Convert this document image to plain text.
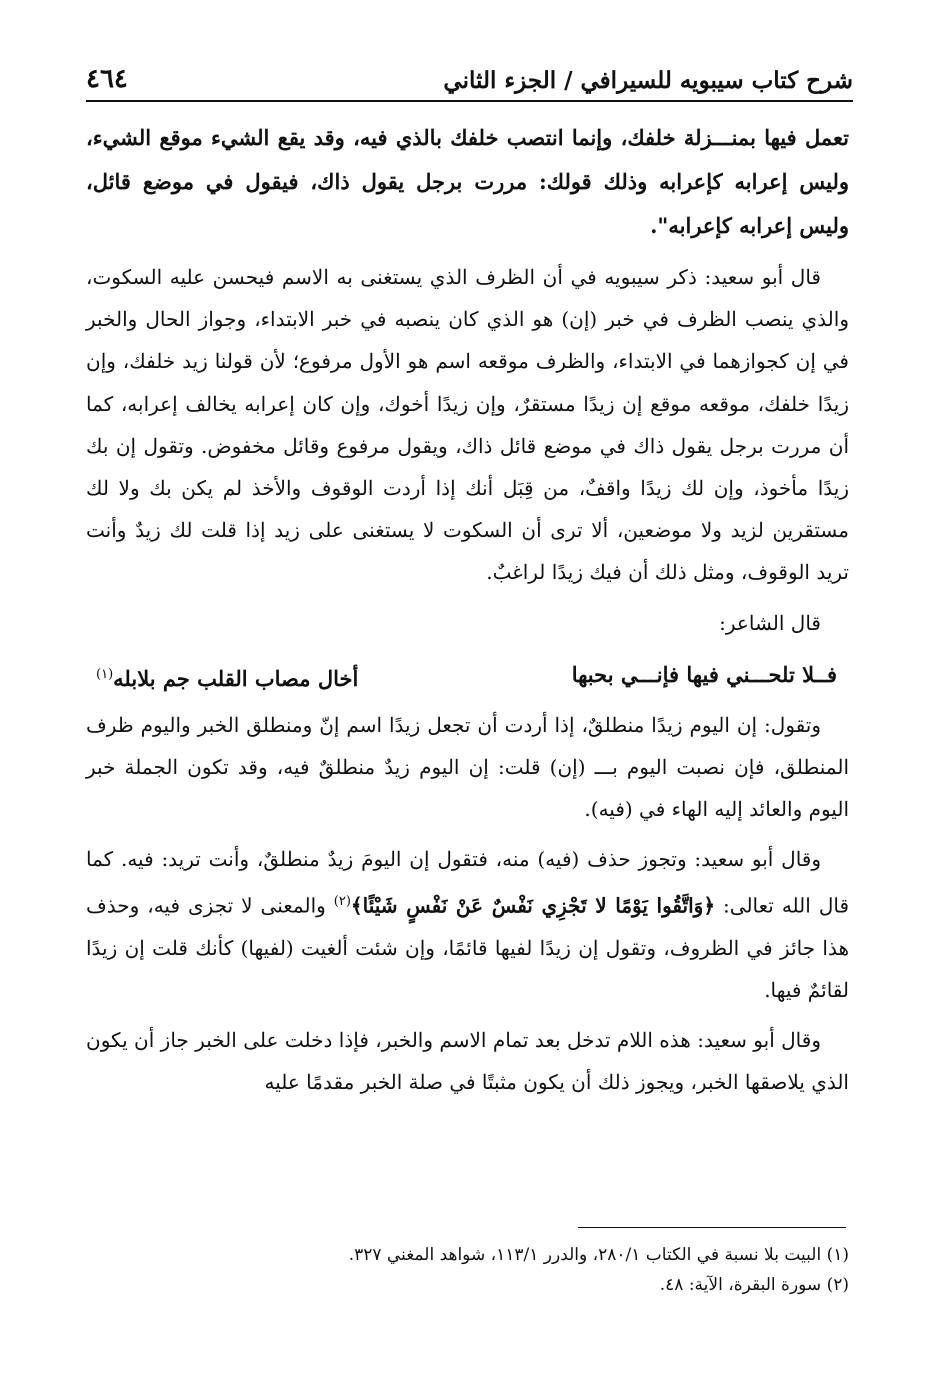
٤٦٤	شرح كتاب سيبويه للسيرافي / الجزء الثاني

تعمل فيها بمنـــزلة خلفك، وإنما انتصب خلفك بالذي فيه، وقد يقع الشيء موقع الشيء، وليس إعرابه كإعرابه وذلك قولك: مررت برجل يقول ذاك، فيقول في موضع قائل، وليس إعرابه كإعرابه".

قال أبو سعيد: ذكر سيبويه في أن الظرف الذي يستغنى به الاسم فيحسن عليه السكوت، والذي ينصب الظرف في خبر (إن) هو الذي كان ينصبه في خبر الابتداء، وجواز الحال والخبر في إن كجوازهما في الابتداء، والظرف موقعه اسم هو الأول مرفوع؛ لأن قولنا زيد خلفك، وإن زيدًا خلفك، موقعه موقع إن زيدًا مستقرٌ، وإن زيدًا أخوك، وإن كان إعرابه يخالف إعرابه، كما أن مررت برجل يقول ذاك في موضع قائل ذاك، ويقول مرفوع وقائل مخفوض. وتقول إن بك زيدًا مأخوذ، وإن لك زيدًا واقفٌ، من قِبَل أنك إذا أردت الوقوف والأخذ لم يكن بك ولا لك مستقرين لزيد ولا موضعين، ألا ترى أن السكوت لا يستغنى على زيد إذا قلت لك زيدٌ وأنت تريد الوقوف، ومثل ذلك أن فيك زيدًا لراغبٌ.

قال الشاعر:

فــلا تلحـــني فيها فإنـــي بحبها
أخال مصاب القلب جم بلابله$^{(١)}$

وتقول: إن اليوم زيدًا منطلقٌ، إذا أردت أن تجعل زيدًا اسم إنّ ومنطلق الخبر واليوم ظرف المنطلق، فإن نصبت اليوم بـــ (إن) قلت: إن اليوم زيدٌ منطلقٌ فيه، وقد تكون الجملة خبر اليوم والعائد إليه الهاء في (فيه).

وقال أبو سعيد: وتجوز حذف (فيه) منه، فتقول إن اليومَ زيدٌ منطلقٌ، وأنت تريد: فيه. كما قال الله تعالى: ﴿وَاتَّقُوا يَوْمًا لا تَجْزِي نَفْسٌ عَنْ نَفْسٍ شَيْئًا﴾$^{(٢)}$ والمعنى لا تجزى فيه، وحذف هذا جائز في الظروف، وتقول إن زيدًا لفيها قائمًا، وإن شئت ألغيت (لفيها) كأنك قلت إن زيدًا لقائمٌ فيها.

وقال أبو سعيد: هذه اللام تدخل بعد تمام الاسم والخبر، فإذا دخلت على الخبر جاز أن يكون الذي يلاصقها الخبر، ويجوز ذلك أن يكون مثبتًا في صلة الخبر مقدمًا عليه

(١) البيت بلا نسبة في الكتاب ٢٨٠/١، والدرر ١١٣/١، شواهد المغني ٣٢٧.

(٢) سورة البقرة، الآية: ٤٨.
